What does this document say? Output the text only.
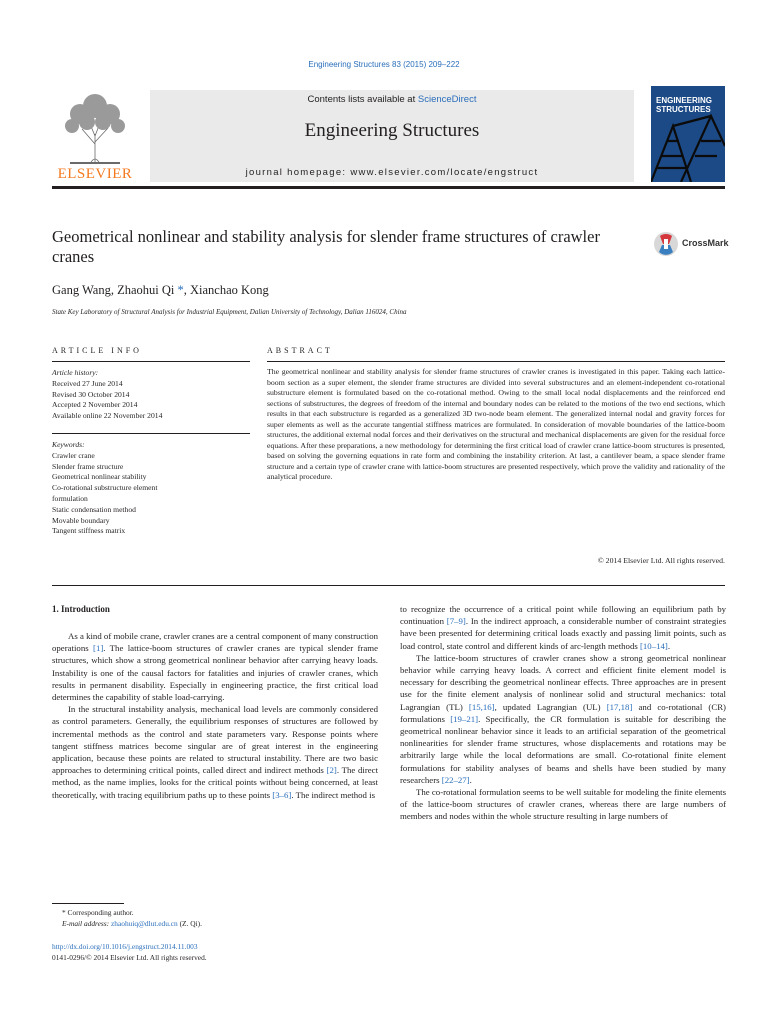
Engineering Structures 83 (2015) 209–222
ELSEVIER
Contents lists available at ScienceDirect
Engineering Structures
journal homepage: www.elsevier.com/locate/engstruct
ENGINEERING
STRUCTURES
Geometrical nonlinear and stability analysis for slender frame structures of crawler cranes
CrossMark
Gang Wang, Zhaohui Qi *, Xianchao Kong
State Key Laboratory of Structural Analysis for Industrial Equipment, Dalian University of Technology, Dalian 116024, China
ARTICLE INFO	ABSTRACT
Article history:
Received 27 June 2014
Revised 30 October 2014
Accepted 2 November 2014
Available online 22 November 2014
Keywords:
Crawler crane
Slender frame structure
Geometrical nonlinear stability
Co-rotational substructure element
formulation
Static condensation method
Movable boundary
Tangent stiffness matrix
The geometrical nonlinear and stability analysis for slender frame structures of crawler cranes is investigated in this paper. Taking each lattice-boom section as a super element, the slender frame structures are divided into several substructures and an element-independent co-rotational substructure element is formulated based on the co-rotational method. Owing to the small local nodal displacements and the reinforced end sections of substructures, the degrees of freedom of the internal and boundary nodes can be related to the motions of the two end sections, which results in that each substructure is regarded as a generalized 3D two-node beam element. The generalized internal nodal and gravity forces for super elements as well as the accurate tangential stiffness matrices are formulated. In consideration of movable boundaries of the lattice-boom structures, the additional external nodal forces and their derivatives on the structural and mechanical displacements are given for the residual force equations. After these preparations, a new methodology for determining the first critical load of crawler crane lattice-boom structures is presented, based on solving the governing equations in rate form and combining the instability criterion. At last, a cantilever beam, a space slender frame structure and a certain type of crawler crane with lattice-boom structures are presented respectively, which prove the validity and rationality of the analytical procedure.
© 2014 Elsevier Ltd. All rights reserved.
1. Introduction

As a kind of mobile crane, crawler cranes are a central component of many construction operations [1]. The lattice-boom structures of crawler cranes are typical slender frame structures, which show a strong geometrical nonlinear behavior after carrying heavy loads. Instability is one of the causal factors for fatalities and injuries of crawler cranes, which results in permanent disability. Especially in engineering practice, the first critical load determines the capability of stable load-carrying.

In the structural instability analysis, mechanical load levels are commonly considered as control parameters. Generally, the equilibrium responses of structures are followed by incremental methods as the control and state parameters vary. Response points where tangent stiffness matrices become singular are of great interest in the engineering application, because these points are related to structural instability. There are two basic approaches to determining critical points, called direct and indirect methods [2]. The direct method, as the name implies, looks for the critical points without being concerned, at least theoretically, with tracing equilibrium paths up to these points [3–6]. The indirect method is

to recognize the occurrence of a critical point while following an equilibrium path by continuation [7–9]. In the indirect approach, a considerable number of constraint strategies have been presented for determining critical loads exactly and passing limit points, such as load control, state control and different kinds of arc-length methods [10–14].

The lattice-boom structures of crawler cranes show a strong geometrical nonlinear behavior while carrying heavy loads. A correct and efficient finite element model is necessary for describing the geometrical nonlinear effects. Three approaches are in present use for the finite element analysis of nonlinear solid and structural mechanics: total Lagrangian (TL) [15,16], updated Lagrangian (UL) [17,18] and co-rotational (CR) formulations [19–21]. Specifically, the CR formulation is suitable for describing the geometrical nonlinear behavior since it leads to an artificial separation of the geometrical nonlinearities for slender frame structures, whose displacements and rotations may be arbitrarily large while the local deformations are small. Co-rotational finite element formulations for stability analyses of beams and shells have been studied by many researchers [22–27].

The co-rotational formulation seems to be well suitable for modeling the finite elements of the lattice-boom structures of crawler cranes, whereas there are large numbers of members and nodes within the whole structure resulting in large numbers of

* Corresponding author.
E-mail address: zhaohuiq@dlut.edu.cn (Z. Qi).
http://dx.doi.org/10.1016/j.engstruct.2014.11.003
0141-0296/© 2014 Elsevier Ltd. All rights reserved.
